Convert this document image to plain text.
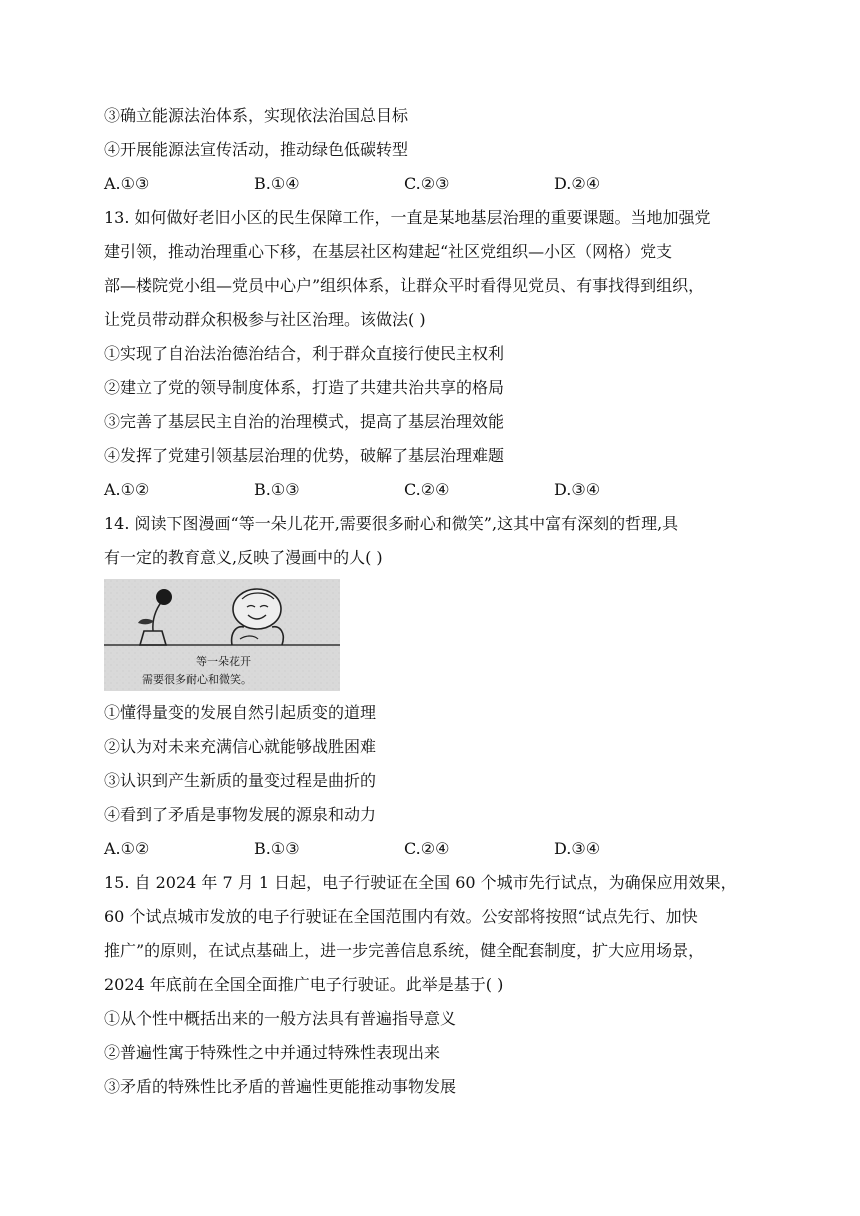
③确立能源法治体系，实现依法治国总目标
④开展能源法宣传活动，推动绿色低碳转型
A.①③	B.①④	C.②③	D.②④
13. 如何做好老旧小区的民生保障工作，一直是某地基层治理的重要课题。当地加强党
建引领，推动治理重心下移，在基层社区构建起“社区党组织—小区（网格）党支
部—楼院党小组—党员中心户”组织体系，让群众平时看得见党员、有事找得到组织，
让党员带动群众积极参与社区治理。该做法( )
①实现了自治法治德治结合，利于群众直接行使民主权利
②建立了党的领导制度体系，打造了共建共治共享的格局
③完善了基层民主自治的治理模式，提高了基层治理效能
④发挥了党建引领基层治理的优势，破解了基层治理难题
A.①②	B.①③	C.②④	D.③④
14. 阅读下图漫画“等一朵儿花开,需要很多耐心和微笑”,这其中富有深刻的哲理,具
有一定的教育意义,反映了漫画中的人( )
等一朵花开
需要很多耐心和微笑。
①懂得量变的发展自然引起质变的道理
②认为对未来充满信心就能够战胜困难
③认识到产生新质的量变过程是曲折的
④看到了矛盾是事物发展的源泉和动力
A.①②	B.①③	C.②④	D.③④
15. 自 2024 年 7 月 1 日起，电子行驶证在全国 60 个城市先行试点，为确保应用效果，
60 个试点城市发放的电子行驶证在全国范围内有效。公安部将按照“试点先行、加快
推广”的原则，在试点基础上，进一步完善信息系统，健全配套制度，扩大应用场景，
2024 年底前在全国全面推广电子行驶证。此举是基于( )
①从个性中概括出来的一般方法具有普遍指导意义
②普遍性寓于特殊性之中并通过特殊性表现出来
③矛盾的特殊性比矛盾的普遍性更能推动事物发展
